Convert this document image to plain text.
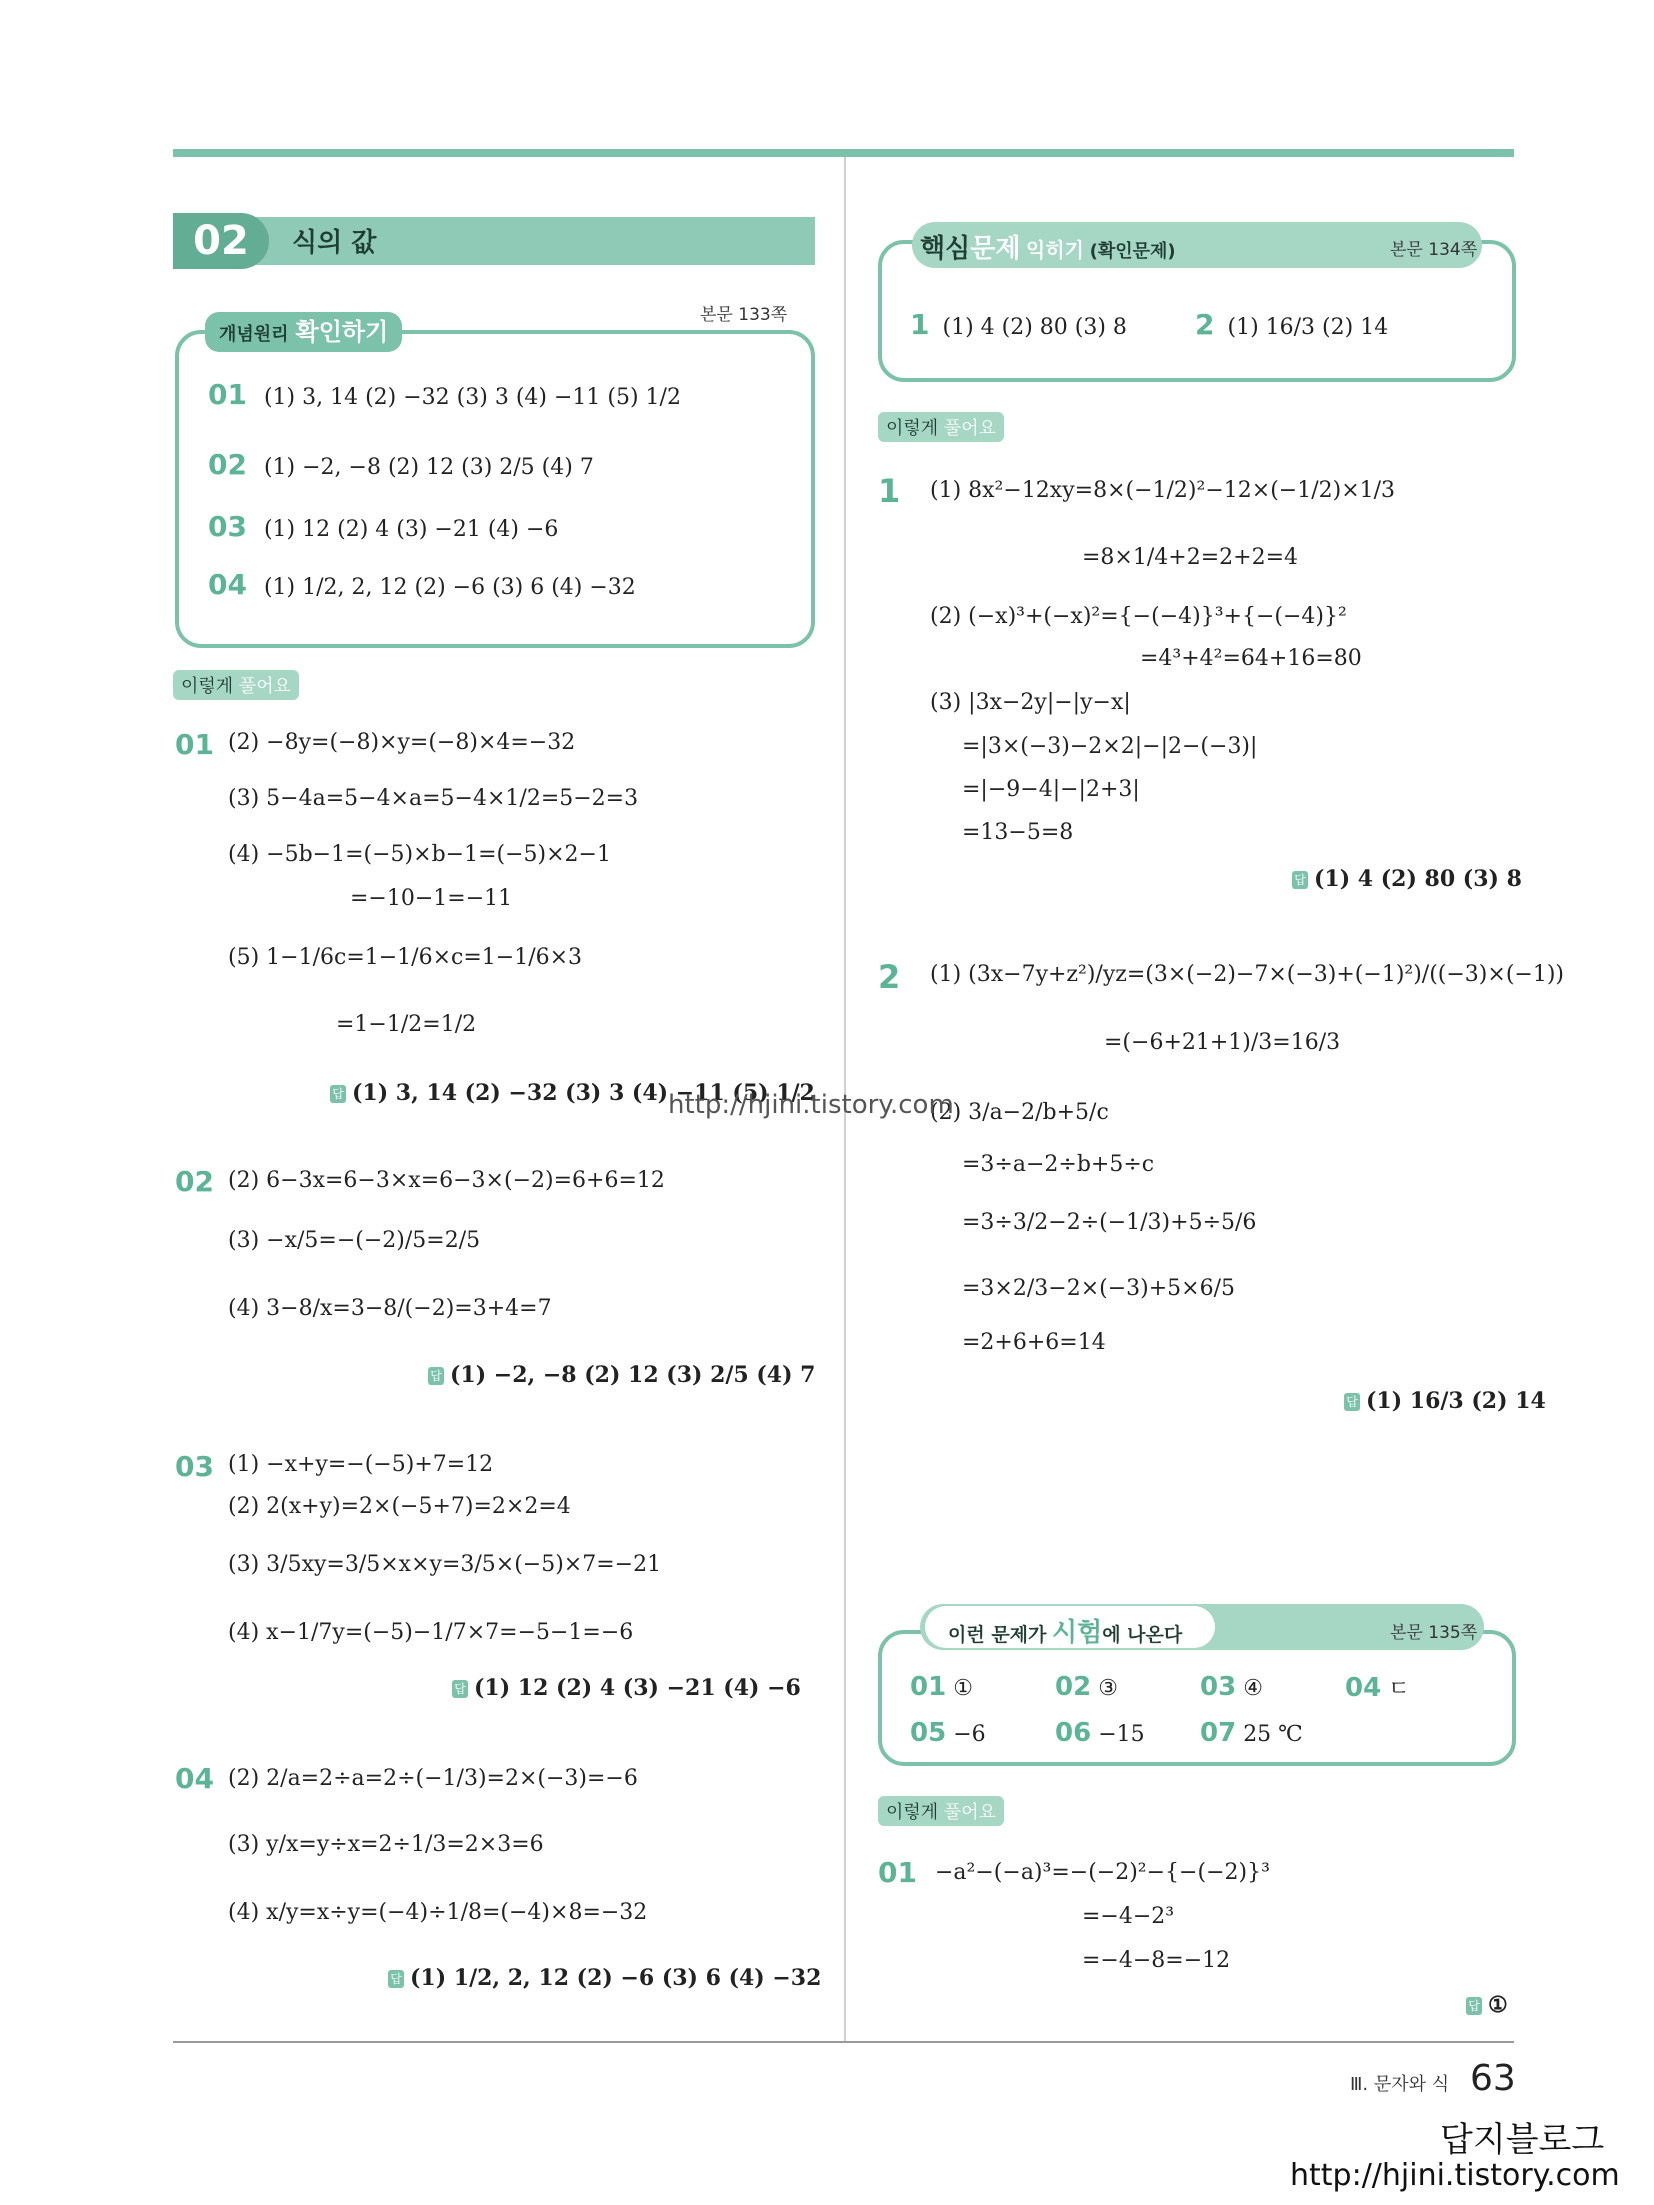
02	식의 값
개념원리 확인하기
본문 133쪽
01 (1) 3, 14 (2) −32 (3) 3 (4) −11 (5) 1/2
02 (1) −2, −8 (2) 12 (3) 2/5 (4) 7
03 (1) 12 (2) 4 (3) −21 (4) −6
04 (1) 1/2, 2, 12 (2) −6 (3) 6 (4) −32
이렇게 풀어요
01 (2) −8y=(−8)×y=(−8)×4=−32
(3) 5−4a=5−4×a=5−4×1/2=5−2=3
(4) −5b−1=(−5)×b−1=(−5)×2−1
=−10−1=−11
(5) 1−1/6c=1−1/6×c=1−1/6×3
=1−1/2=1/2
답 (1) 3, 14 (2) −32 (3) 3 (4) −11 (5) 1/2
02 (2) 6−3x=6−3×x=6−3×(−2)=6+6=12
(3) −x/5=−(−2)/5=2/5
(4) 3−8/x=3−8/(−2)=3+4=7
답 (1) −2, −8 (2) 12 (3) 2/5 (4) 7
03 (1) −x+y=−(−5)+7=12
(2) 2(x+y)=2×(−5+7)=2×2=4
(3) 3/5xy=3/5×x×y=3/5×(−5)×7=−21
(4) x−1/7y=(−5)−1/7×7=−5−1=−6
답 (1) 12 (2) 4 (3) −21 (4) −6
04 (2) 2/a=2÷a=2÷(−1/3)=2×(−3)=−6
(3) y/x=y÷x=2÷1/3=2×3=6
(4) x/y=x÷y=(−4)÷1/8=(−4)×8=−32
답 (1) 1/2, 2, 12 (2) −6 (3) 6 (4) −32
핵심문제 익히기 (확인문제)	본문 134쪽
1 (1) 4 (2) 80 (3) 8 2 (1) 16/3 (2) 14
이렇게 풀어요
1 (1) 8x²−12xy=8×(−1/2)²−12×(−1/2)×1/3
=8×1/4+2=2+2=4
(2) (−x)³+(−x)²={−(−4)}³+{−(−4)}²
=4³+4²=64+16=80
(3) |3x−2y|−|y−x|
=|3×(−3)−2×2|−|2−(−3)|
=|−9−4|−|2+3|
=13−5=8
답 (1) 4 (2) 80 (3) 8
2 (1) (3x−7y+z²)/yz=(3×(−2)−7×(−3)+(−1)²)/((−3)×(−1))
=(−6+21+1)/3=16/3
(2) 3/a−2/b+5/c
=3÷a−2÷b+5÷c
=3÷3/2−2÷(−1/3)+5÷5/6
=3×2/3−2×(−3)+5×6/5
=2+6+6=14
답 (1) 16/3 (2) 14
이런 문제가 시험에 나온다	본문 135쪽
01 ①	02 ③	03 ④	04 ㄷ
05 −6	06 −15 07 25 ℃
이렇게 풀어요
01 −a²−(−a)³=−(−2)²−{−(−2)}³
=−4−2³
=−4−8=−12
답 ①
http://hjini.tistory.com
Ⅲ. 문자와 식 63
답지블로그
http://hjini.tistory.com
